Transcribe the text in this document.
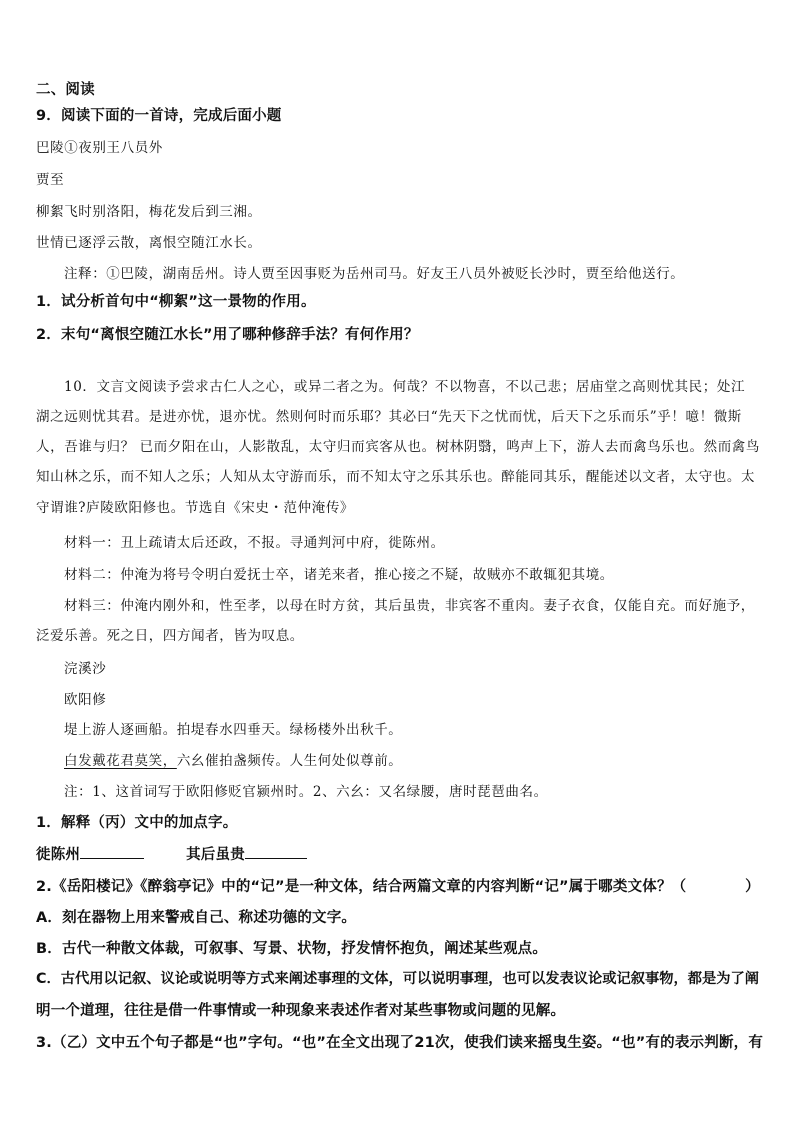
二、阅读
9．阅读下面的一首诗，完成后面小题
巴陵①夜别王八员外
贾至
柳絮飞时别洛阳，梅花发后到三湘。
世情已逐浮云散，离恨空随江水长。
注释：①巴陵，湖南岳州。诗人贾至因事贬为岳州司马。好友王八员外被贬长沙时，贾至给他送行。
1．试分析首句中“柳絮”这一景物的作用。
2．末句“离恨空随江水长”用了哪种修辞手法？有何作用？
10．文言文阅读予尝求古仁人之心，或异二者之为。何哉？不以物喜，不以己悲；居庙堂之高则忧其民；处江
湖之远则忧其君。是进亦忧，退亦忧。然则何时而乐耶？其必曰“先天下之忧而忧，后天下之乐而乐”乎！噫！微斯
人，吾谁与归？ 已而夕阳在山，人影散乱，太守归而宾客从也。树林阴翳，鸣声上下，游人去而禽鸟乐也。然而禽鸟
知山林之乐，而不知人之乐；人知从太守游而乐，而不知太守之乐其乐也。醉能同其乐，醒能述以文者，太守也。太
守谓谁?庐陵欧阳修也。节选自《宋史・范仲淹传》
材料一：丑上疏请太后还政，不报。寻通判河中府，徙陈州。
材料二：仲淹为将号令明白爱抚士卒，诸羌来者，推心接之不疑，故贼亦不敢辄犯其境。
材料三：仲淹内刚外和，性至孝，以母在时方贫，其后虽贵，非宾客不重肉。妻子衣食，仅能自充。而好施予，
泛爱乐善。死之日，四方闻者，皆为叹息。
浣溪沙
欧阳修
堤上游人逐画船。拍堤春水四垂天。绿杨楼外出秋千。
白发戴花君莫笑，六幺催拍盏频传。人生何处似尊前。
注：1、这首词写于欧阳修贬官颍州时。2、六幺：又名绿腰，唐时琵琶曲名。
1．解释（丙）文中的加点字。
徙陈州	其后虽贵
2.《岳阳楼记》《醉翁亭记》中的“记”是一种文体，结合两篇文章的内容判断“记”属于哪类文体？（　　　　）
A．刻在器物上用来警戒自己、称述功德的文字。
B．古代一种散文体裁，可叙事、写景、状物，抒发情怀抱负，阐述某些观点。
C．古代用以记叙、议论或说明等方式来阐述事理的文体，可以说明事理，也可以发表议论或记叙事物，都是为了阐
明一个道理，往往是借一件事情或一种现象来表述作者对某些事物或问题的见解。
3.（乙）文中五个句子都是“也”字句。“也”在全文出现了21次，使我们读来摇曳生姿。“也”有的表示判断，有
